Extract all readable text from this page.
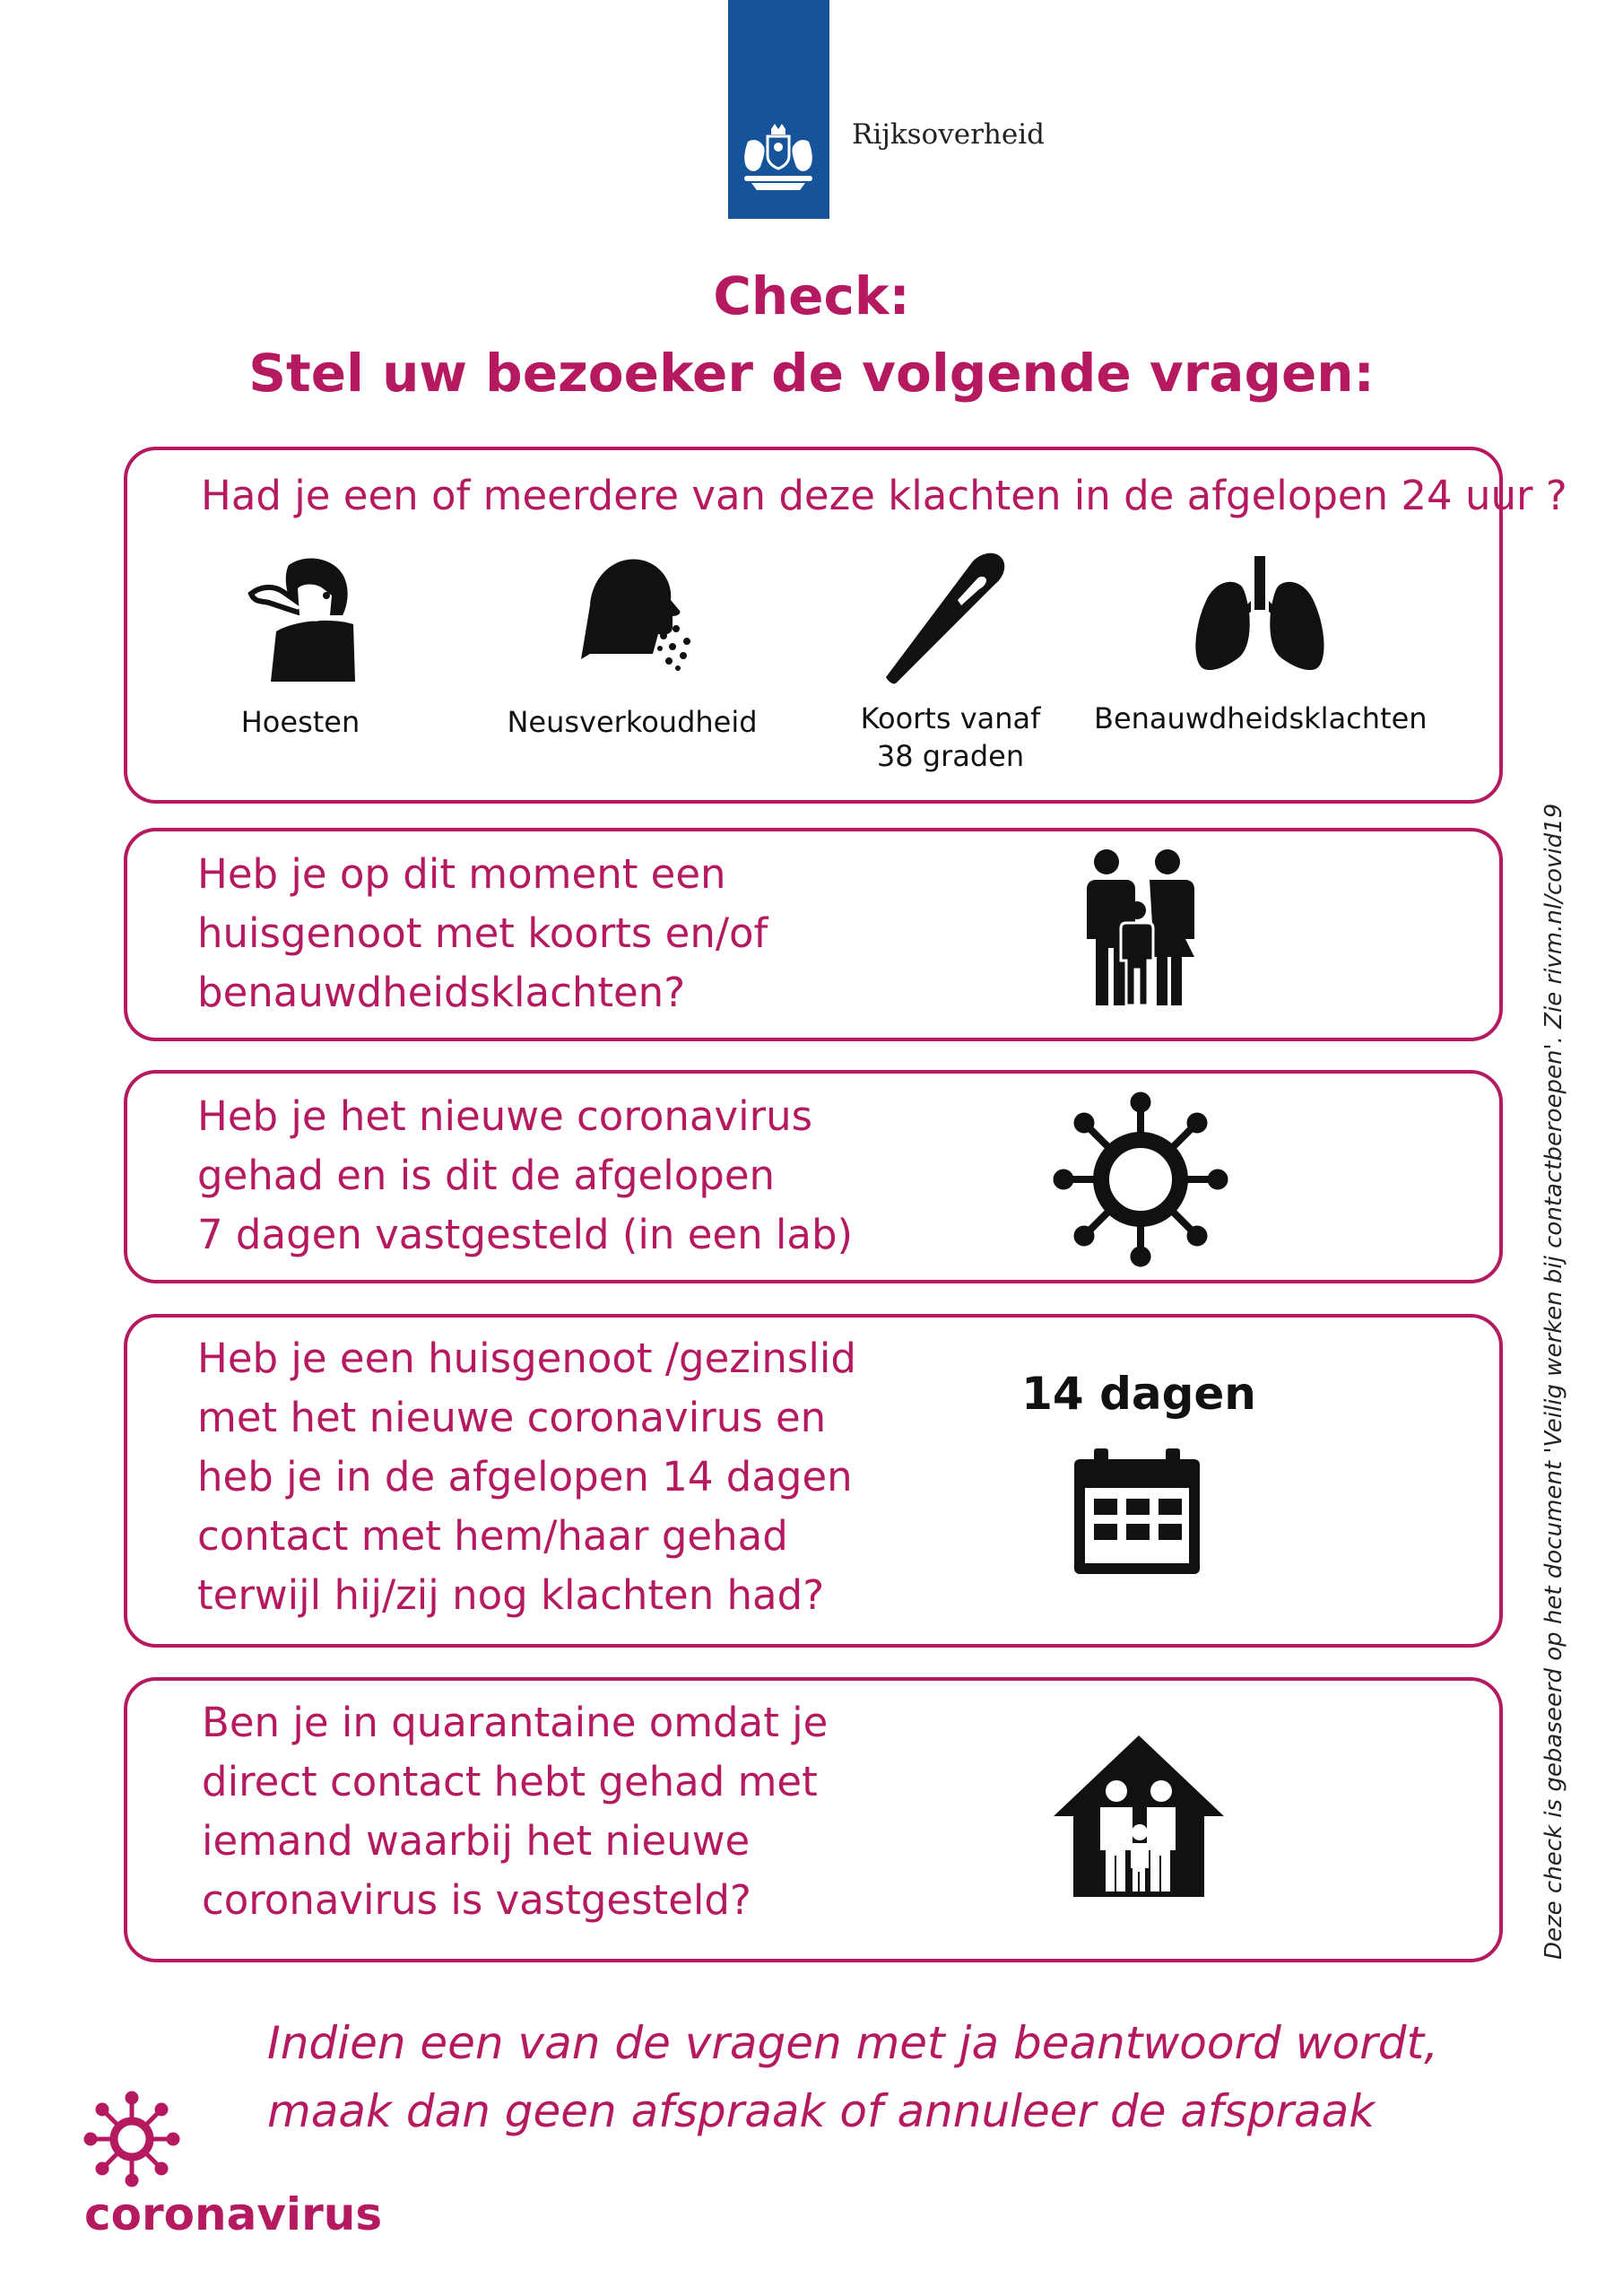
Rijksoverheid
Check:
Stel uw bezoeker de volgende vragen:
Had je een of meerdere van deze klachten in de afgelopen 24 uur ?
Hoesten	Neusverkoudheid	Koorts vanaf
38 graden
Benauwdheidsklachten
Heb je op dit moment een
huisgenoot met koorts en/of
benauwdheidsklachten?
Heb je het nieuwe coronavirus
gehad en is dit de afgelopen
7 dagen vastgesteld (in een lab)
Heb je een huisgenoot /gezinslid
met het nieuwe coronavirus en
heb je in de afgelopen 14 dagen
contact met hem/haar gehad
terwijl hij/zij nog klachten had?
14 dagen
Ben je in quarantaine omdat je
direct contact hebt gehad met
iemand waarbij het nieuwe
coronavirus is vastgesteld?
Indien een van de vragen met ja beantwoord wordt,
maak dan geen afspraak of annuleer de afspraak
Deze check is gebaseerd op het document 'Veilig werken bij contactberoepen'. Zie rivm.nl/covid19
coronavirus
